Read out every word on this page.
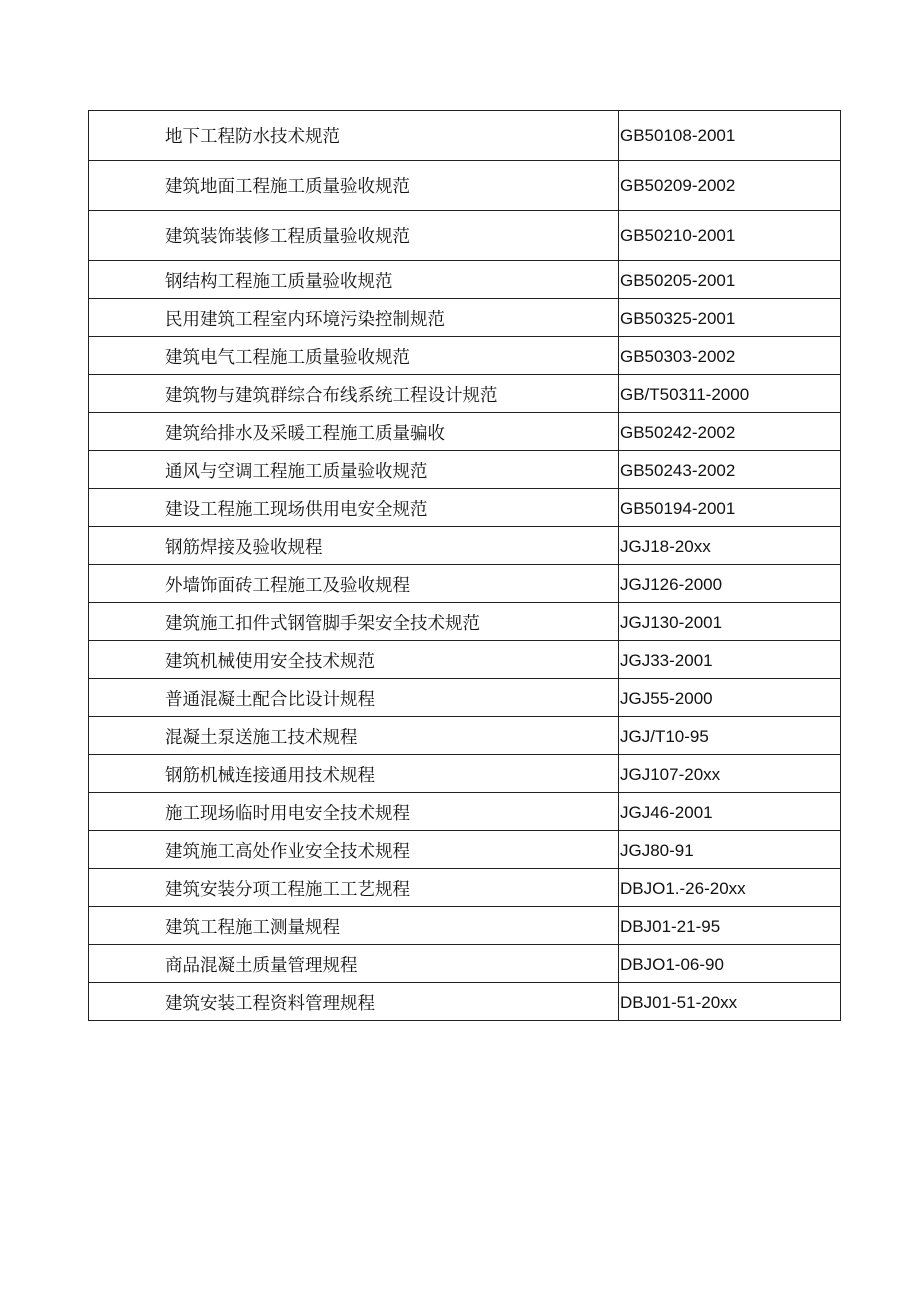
地下工程防水技术规范	GB50108-2001
建筑地面工程施工质量验收规范	GB50209-2002
建筑装饰装修工程质量验收规范	GB50210-2001
钢结构工程施工质量验收规范	GB50205-2001
民用建筑工程室内环境污染控制规范	GB50325-2001
建筑电气工程施工质量验收规范	GB50303-2002
建筑物与建筑群综合布线系统工程设计规范	GB/T50311-2000
建筑给排水及采暖工程施工质量骗收	GB50242-2002
通风与空调工程施工质量验收规范	GB50243-2002
建设工程施工现场供用电安全规范	GB50194-2001
钢筋焊接及验收规程	JGJ18-20xx
外墙饰面砖工程施工及验收规程	JGJ126-2000
建筑施工扣件式钢管脚手架安全技术规范	JGJ130-2001
建筑机械使用安全技术规范	JGJ33-2001
普通混凝土配合比设计规程	JGJ55-2000
混凝土泵送施工技术规程	JGJ/T10-95
钢筋机械连接通用技术规程	JGJ107-20xx
施工现场临时用电安全技术规程	JGJ46-2001
建筑施工高处作业安全技术规程	JGJ80-91
建筑安装分项工程施工工艺规程	DBJO1.-26-20xx
建筑工程施工测量规程	DBJ01-21-95
商品混凝土质量管理规程	DBJO1-06-90
建筑安装工程资料管理规程	DBJ01-51-20xx
